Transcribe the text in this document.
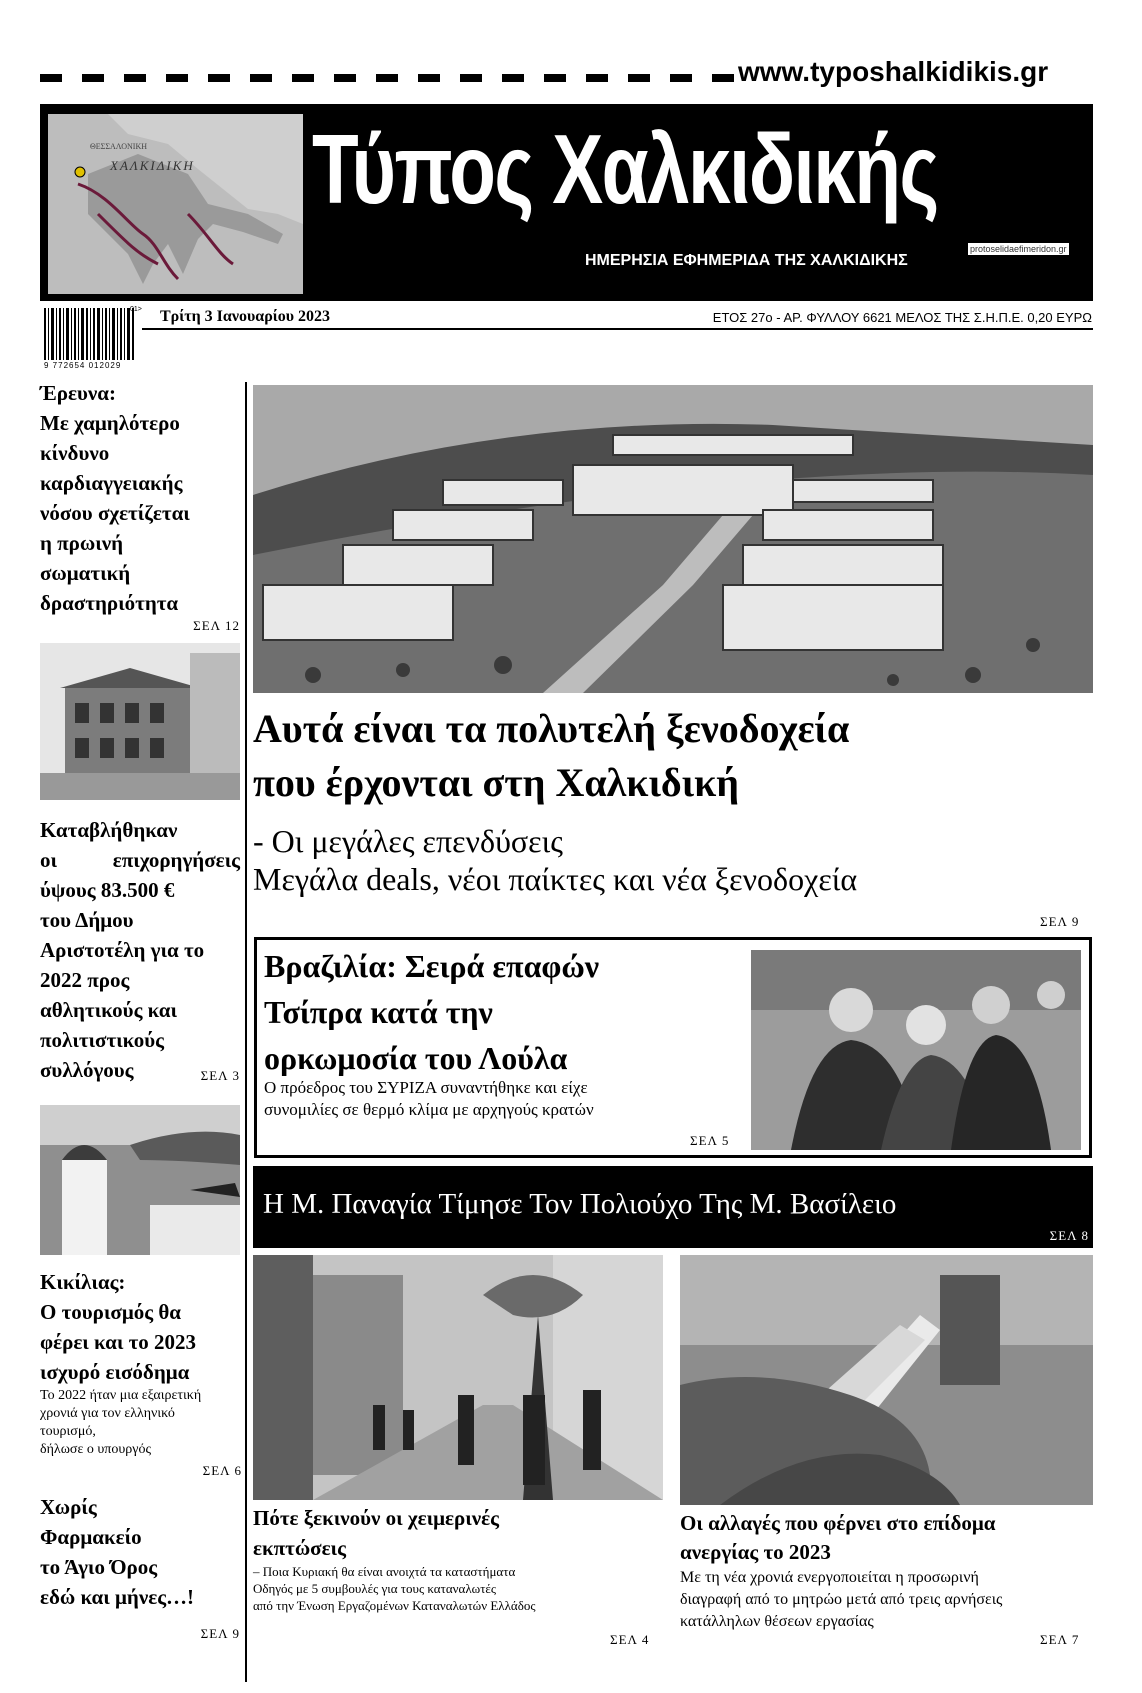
www.typoshalkidikis.gr
ΘΕΣΣΑΛΟΝΙΚΗ
ΧΑΛΚΙΔΙΚΗ Τύπος Χαλκιδικής
ΗΜΕΡΗΣΙΑ ΕΦΗΜΕΡΙΔΑ ΤΗΣ ΧΑΛΚΙΔΙΚΗΣ
protoselidaefimeridon.gr
01>
9 772654 012029
Τρίτη 3 Ιανουαρίου 2023	ΕΤΟΣ 27ο - ΑΡ. ΦΥΛΛΟΥ 6621 ΜΕΛΟΣ ΤΗΣ Σ.Η.Π.Ε. 0,20 ΕΥΡΩ
Έρευνα:
Με χαμηλότερο
κίνδυνο
καρδιαγγειακής
νόσου σχετίζεται
η πρωινή
σωματική
δραστηριότητα
ΣΕΛ 12
Καταβλήθηκαν
οι επιχορηγήσεις
ύψους 83.500 €
του Δήμου
Αριστοτέλη για το
2022 προς
αθλητικούς και
πολιτιστικούς
συλλόγους	ΣΕΛ 3
Κικίλιας:
Ο τουρισμός θα
φέρει και το 2023
ισχυρό εισόδημα
Το 2022 ήταν μια εξαιρετική
χρονιά για τον ελληνικό
τουρισμό,
δήλωσε ο υπουργός
ΣΕΛ 6
Χωρίς
Φαρμακείο
το Άγιο Όρος
εδώ και μήνες…!
ΣΕΛ 9
Αυτά είναι τα πολυτελή ξενοδοχεία
που έρχονται στη Χαλκιδική
- Οι μεγάλες επενδύσεις
Μεγάλα deals, νέοι παίκτες και νέα ξενοδοχεία
ΣΕΛ 9
Βραζιλία: Σειρά επαφών
Τσίπρα κατά την
ορκωμοσία του Λούλα
Ο πρόεδρος του ΣΥΡΙΖΑ συναντήθηκε και είχε
συνομιλίες σε θερμό κλίμα με αρχηγούς κρατών
ΣΕΛ 5
Η Μ. Παναγία Τίμησε Τον Πολιούχο Της Μ. Βασίλειο
ΣΕΛ 8
Πότε ξεκινούν οι χειμερινές
εκπτώσεις
– Ποια Κυριακή θα είναι ανοιχτά τα καταστήματα
Οδηγός με 5 συμβουλές για τους καταναλωτές
από την Ένωση Εργαζομένων Καταναλωτών Ελλάδος
ΣΕΛ 4
Οι αλλαγές που φέρνει στο επίδομα
ανεργίας το 2023
Με τη νέα χρονιά ενεργοποιείται η προσωρινή
διαγραφή από το μητρώο μετά από τρεις αρνήσεις
κατάλληλων θέσεων εργασίας
ΣΕΛ 7
